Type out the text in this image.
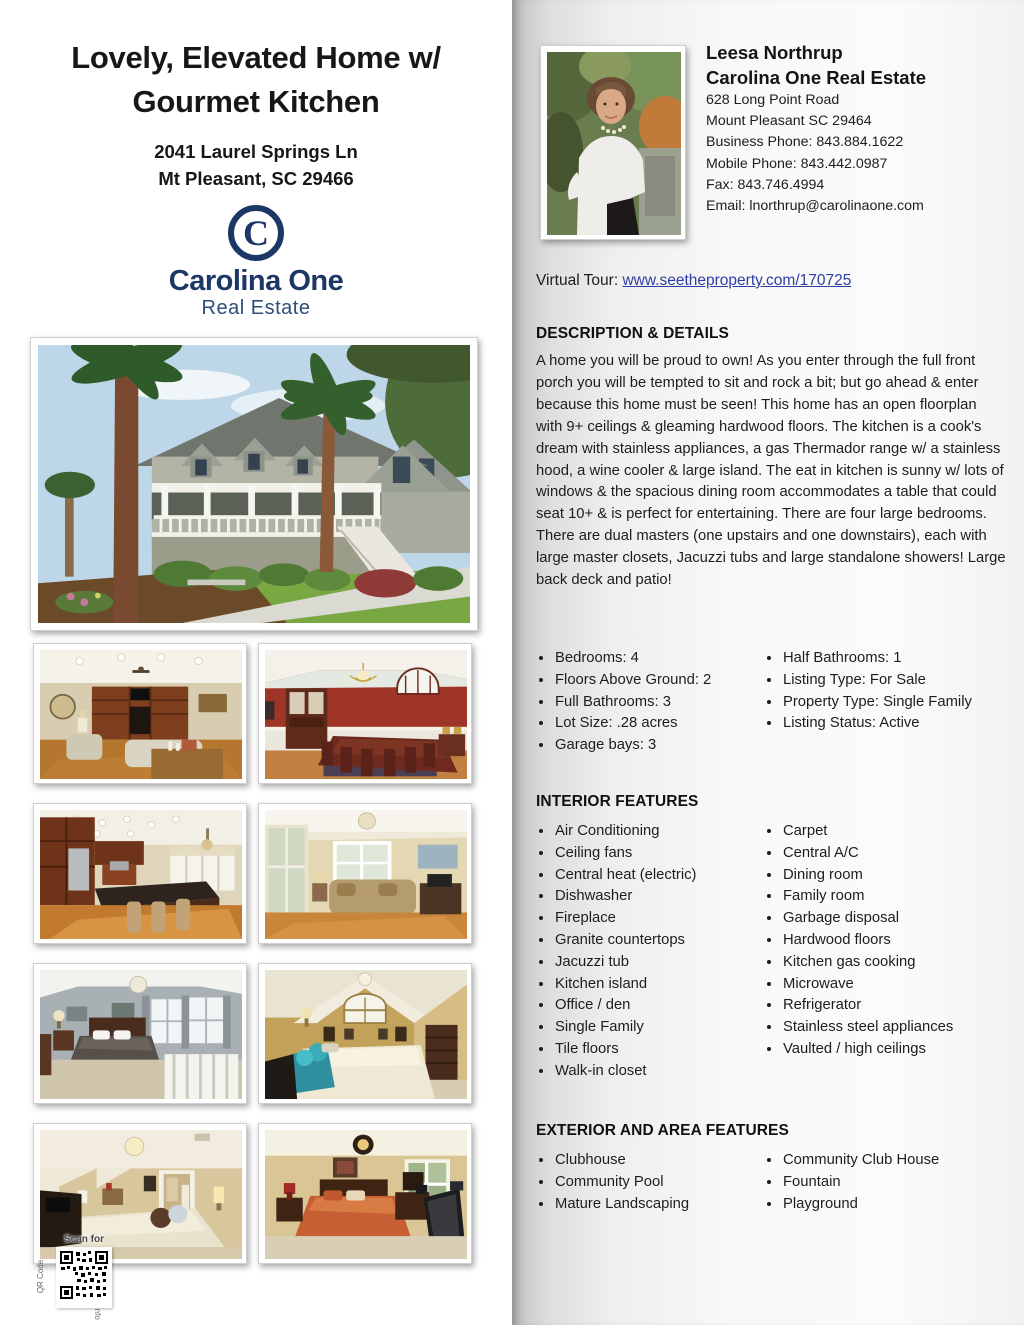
Lovely, Elevated Home w/
Gourmet Kitchen
2041 Laurel Springs Ln
Mt Pleasant, SC 29466
C
Carolina One
Real Estate
Scan for
QR Code
Info
Leesa Northrup
Carolina One Real Estate
628 Long Point Road
Mount Pleasant SC 29464
Business Phone: 843.884.1622
Mobile Phone: 843.442.0987
Fax: 843.746.4994
Email: lnorthrup@carolinaone.com
Virtual Tour: www.seetheproperty.com/170725
DESCRIPTION & DETAILS
A home you will be proud to own! As you enter through the full front porch you will be tempted to sit and rock a bit; but go ahead & enter because this home must be seen! This home has an open floorplan with 9+ ceilings & gleaming hardwood floors. The kitchen is a cook's dream with stainless appliances, a gas Thermador range w/ a stainless hood, a wine cooler & large island. The eat in kitchen is sunny w/ lots of windows & the spacious dining room accommodates a table that could seat 10+ & is perfect for entertaining. There are four large bedrooms. There are dual masters (one upstairs and one downstairs), each with large master closets, Jacuzzi tubs and large standalone showers! Large back deck and patio!
• Bedrooms: 4
• Floors Above Ground: 2
• Full Bathrooms: 3
• Lot Size: .28 acres
• Garage bays: 3
• Half Bathrooms: 1
• Listing Type: For Sale
• Property Type: Single Family
• Listing Status: Active
INTERIOR FEATURES
• Air Conditioning
• Ceiling fans
• Central heat (electric)
• Dishwasher
• Fireplace
• Granite countertops
• Jacuzzi tub
• Kitchen island
• Office / den
• Single Family
• Tile floors
• Walk-in closet
• Carpet
• Central A/C
• Dining room
• Family room
• Garbage disposal
• Hardwood floors
• Kitchen gas cooking
• Microwave
• Refrigerator
• Stainless steel appliances
• Vaulted / high ceilings
EXTERIOR AND AREA FEATURES
• Clubhouse
• Community Pool
• Mature Landscaping
• Community Club House
• Fountain
• Playground
